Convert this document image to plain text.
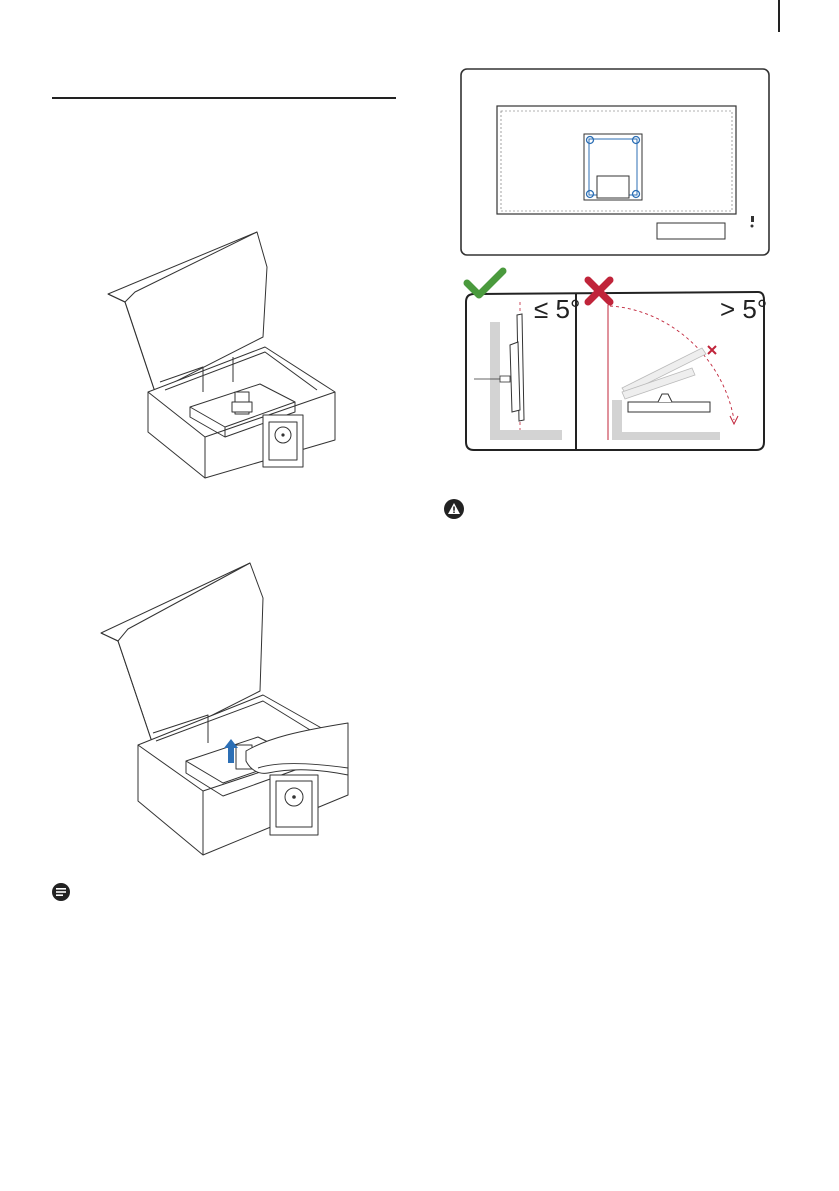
≤ 5°	> 5°
